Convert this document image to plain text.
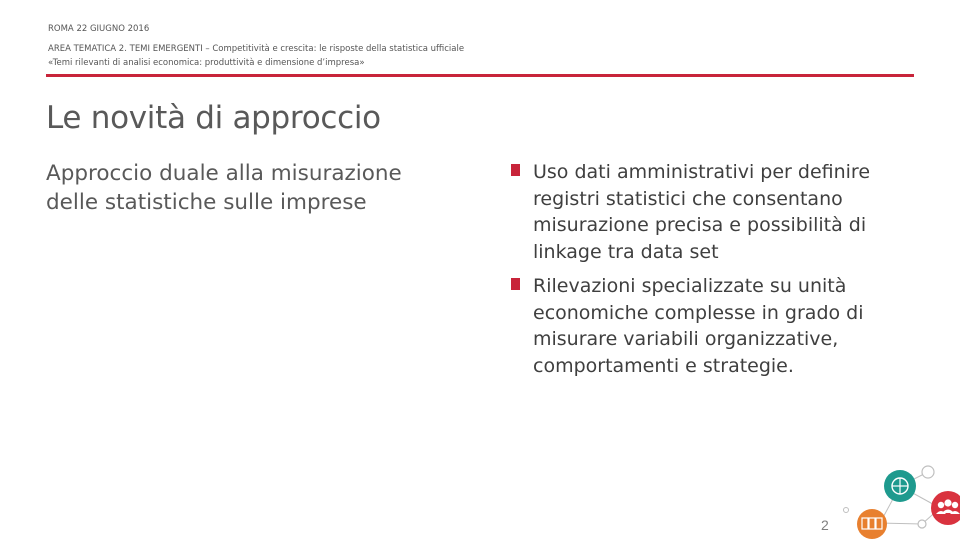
ROMA 22 GIUGNO 2016
AREA TEMATICA 2. TEMI EMERGENTI – Competitività e crescita: le risposte della statistica ufficiale
«Temi rilevanti di analisi economica: produttività e dimensione d’impresa»
Le novità di approccio
Approccio duale alla misurazione delle statistiche sulle imprese
Uso dati amministrativi per definire registri statistici che consentano misurazione precisa e possibilità di linkage tra data set
Rilevazioni specializzate su unità economiche complesse in grado di misurare variabili organizzative, comportamenti e strategie.
2
